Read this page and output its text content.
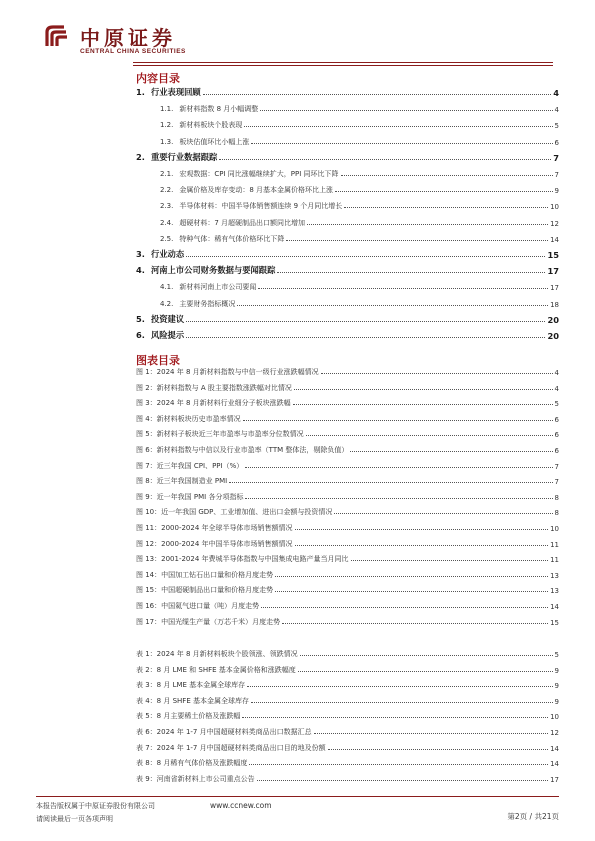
中原证券
CENTRAL CHINA SECURITIES
内容目录
1. 行业表现回顾	4
1.1. 新材料指数 8 月小幅调整	4
1.2. 新材料板块个股表现	5
1.3. 板块估值环比小幅上涨	6
2. 重要行业数据跟踪	7
2.1. 宏观数据：CPI 同比涨幅继续扩大，PPI 同环比下降	7
2.2. 金属价格及库存变动：8 月基本金属价格环比上涨	9
2.3. 半导体材料：中国半导体销售额连续 9 个月同比增长	10
2.4. 超硬材料：7 月超硬制品出口额同比增加	12
2.5. 特种气体：稀有气体价格环比下降	14
3. 行业动态	15
4. 河南上市公司财务数据与要闻跟踪	17
4.1. 新材料河南上市公司要闻	17
4.2. 主要财务指标概况	18
5. 投资建议	20
6. 风险提示	20
图表目录
图 1：2024 年 8 月新材料指数与中信一级行业涨跌幅情况	4
图 2：新材料指数与 A 股主要指数涨跌幅对比情况	4
图 3：2024 年 8 月新材料行业细分子板块涨跌幅	5
图 4：新材料板块历史市盈率情况	6
图 5：新材料子板块近三年市盈率与市盈率分位数情况	6
图 6：新材料指数与中信以及行业市盈率（TTM 整体法，剔除负值）	6
图 7：近三年我国 CPI、PPI（%）	7
图 8：近三年我国制造业 PMI	7
图 9：近一年我国 PMI 各分项指标	8
图 10：近一年我国 GDP、工业增加值、进出口金额与投资情况	8
图 11：2000-2024 年全球半导体市场销售额情况	10
图 12：2000-2024 年中国半导体市场销售额情况	11
图 13：2001-2024 年费城半导体指数与中国集成电路产量当月同比	11
图 14：中国加工钻石出口量和价格月度走势	13
图 15：中国超硬制品出口量和价格月度走势	13
图 16：中国氦气进口量（吨）月度走势	14
图 17：中国光缆生产量（万芯千米）月度走势	15
表 1：2024 年 8 月新材料板块个股领涨、领跌情况	5
表 2：8 月 LME 和 SHFE 基本金属价格和涨跌幅度	9
表 3：8 月 LME 基本金属全球库存	9
表 4：8 月 SHFE 基本金属全球库存	9
表 5：8 月主要稀土价格及涨跌幅	10
表 6：2024 年 1-7 月中国超硬材料类商品出口数据汇总	12
表 7：2024 年 1-7 月中国超硬材料类商品出口目的地及份额	14
表 8：8 月稀有气体价格及涨跌幅度	14
表 9：河南省新材料上市公司重点公告	17
本报告版权属于中原证券股份有限公司	www.ccnew.com
请阅读最后一页各项声明	第2页 / 共21页
